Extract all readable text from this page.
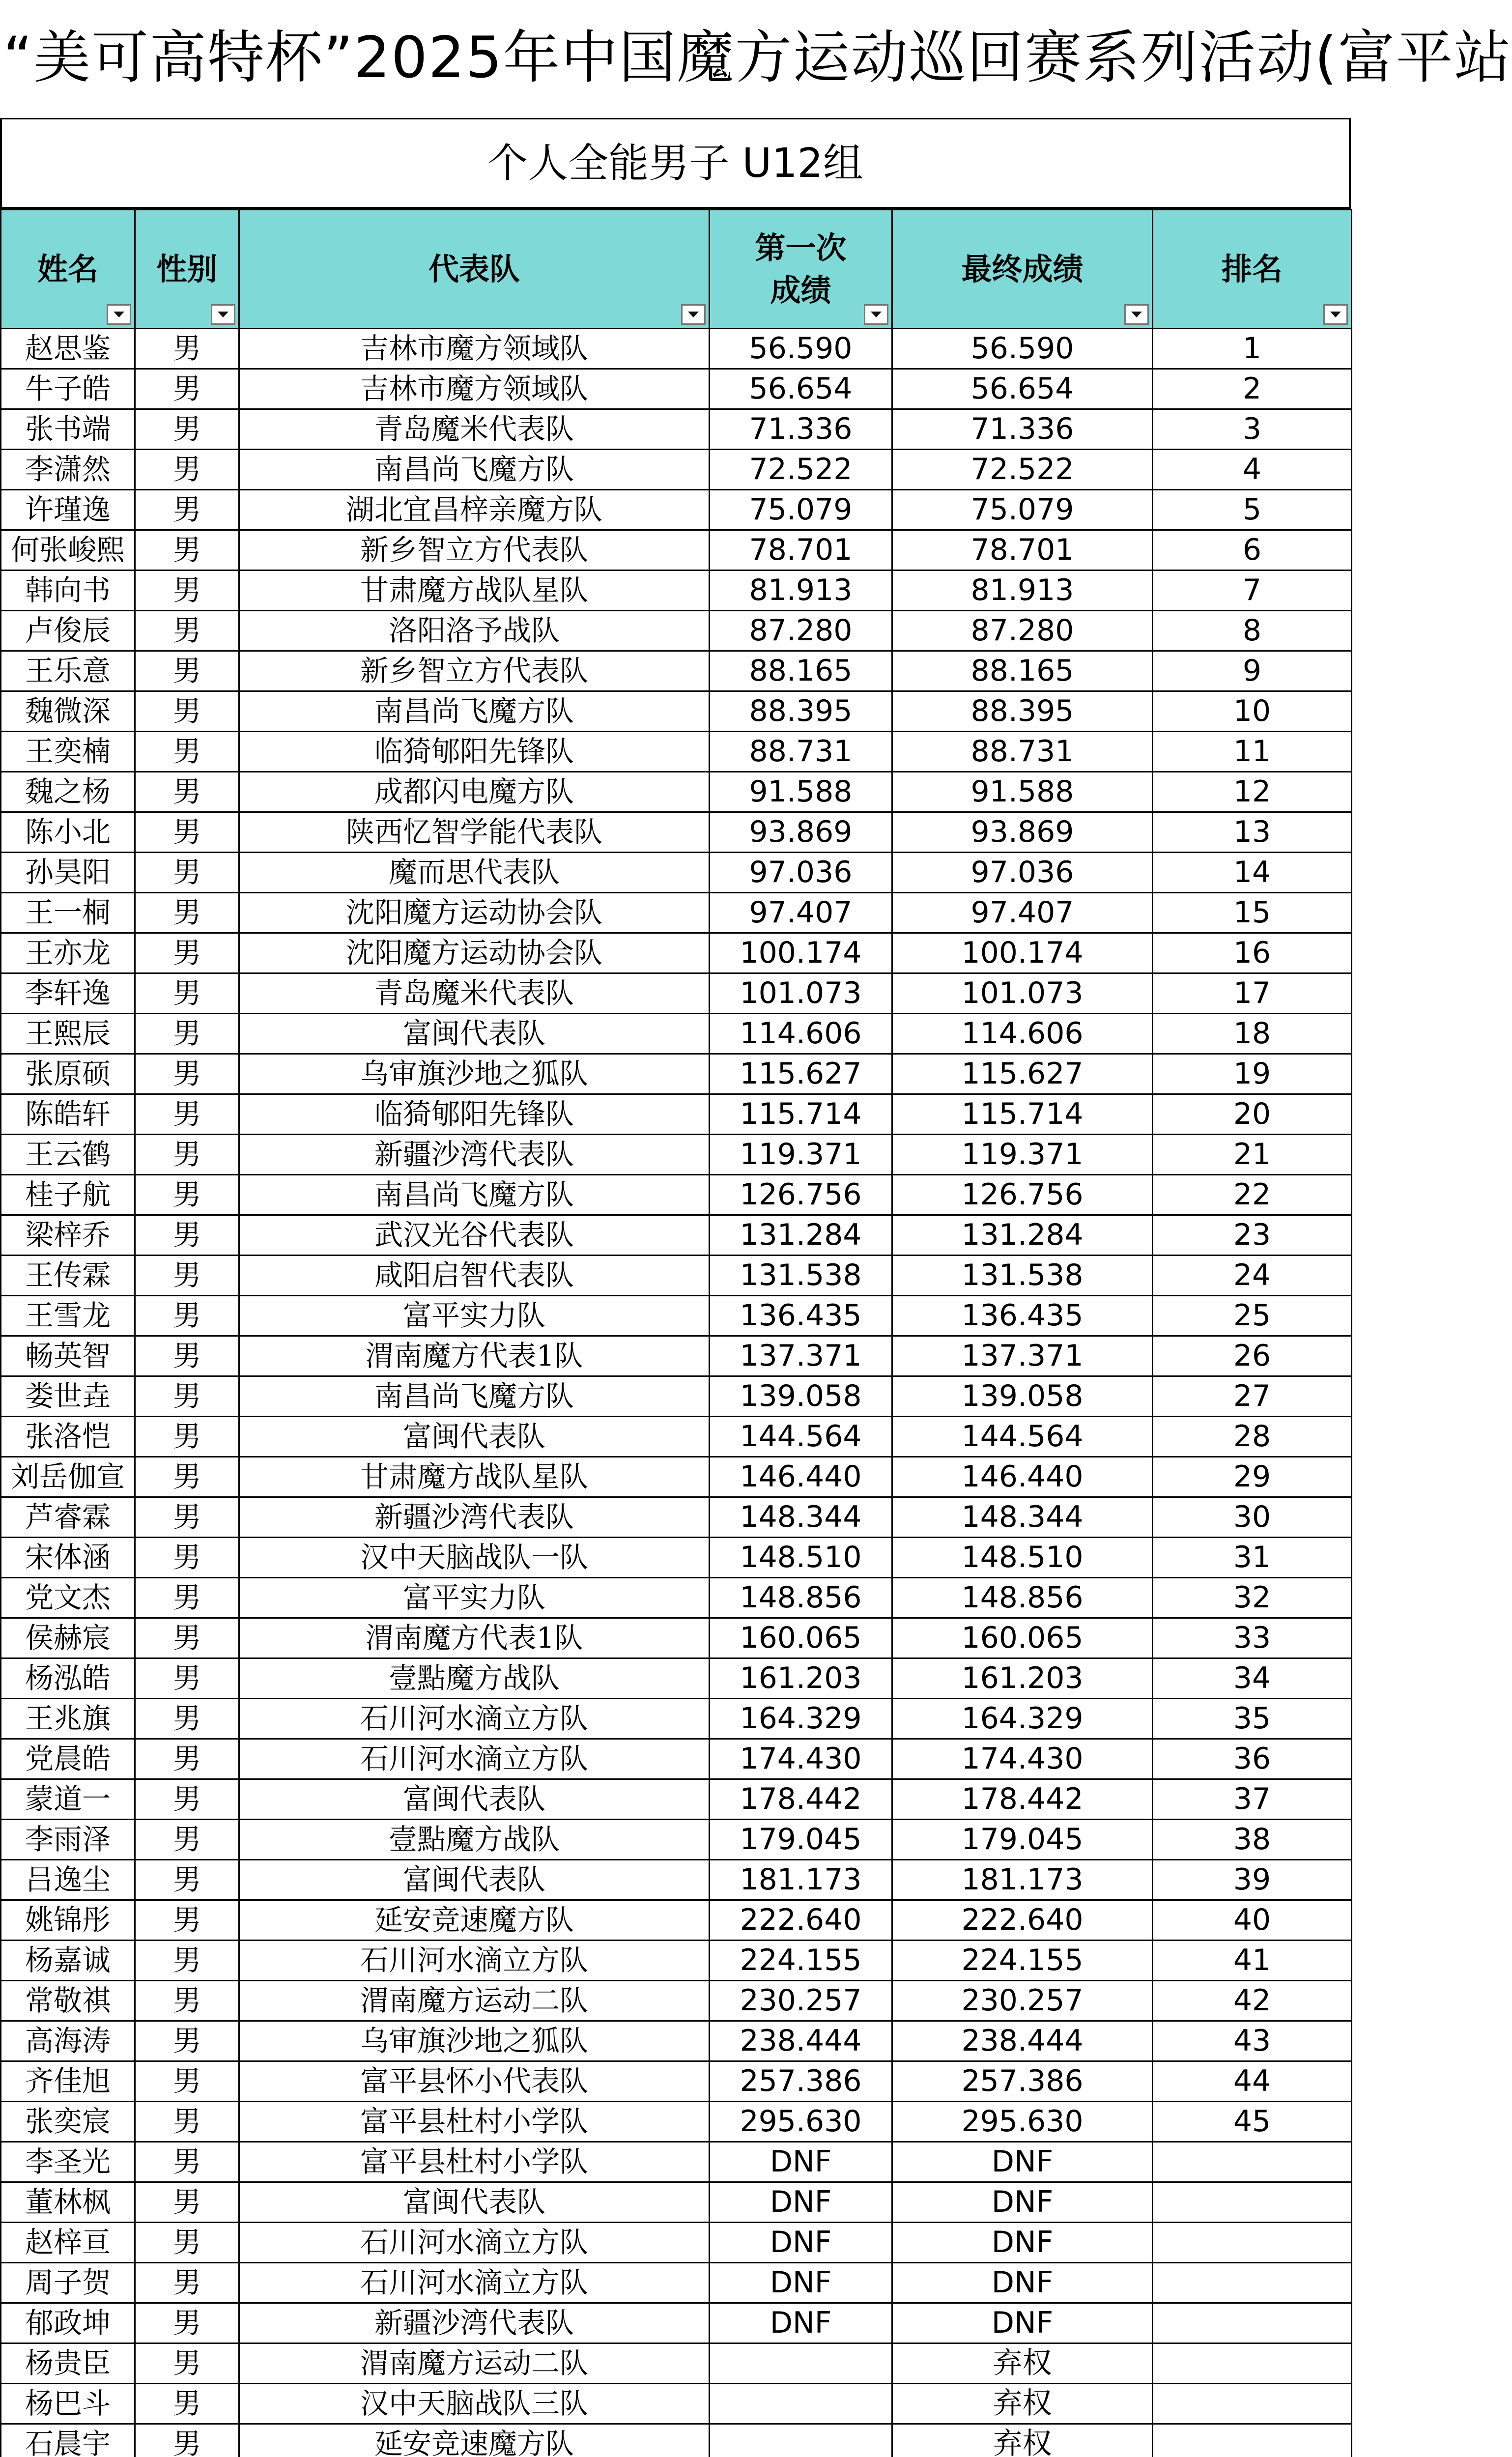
“美可高特杯”2025年中国魔方运动巡回赛系列活动(富平站
个人全能男子 U12组
姓名	性别	代表队	第一次成绩	最终成绩	排名

赵思鉴	男	吉林市魔方领域队	56.590	56.590	1
牛子皓	男	吉林市魔方领域队	56.654	56.654	2
张书端	男	青岛魔米代表队	71.336	71.336	3
李潇然	男	南昌尚飞魔方队	72.522	72.522	4
许瑾逸	男	湖北宜昌梓亲魔方队	75.079	75.079	5
何张峻熙	男	新乡智立方代表队	78.701	78.701	6
韩向书	男	甘肃魔方战队星队	81.913	81.913	7
卢俊辰	男	洛阳洛予战队	87.280	87.280	8
王乐意	男	新乡智立方代表队	88.165	88.165	9
魏微深	男	南昌尚飞魔方队	88.395	88.395	10
王奕楠	男	临猗郇阳先锋队	88.731	88.731	11
魏之杨	男	成都闪电魔方队	91.588	91.588	12
陈小北	男	陕西忆智学能代表队	93.869	93.869	13
孙昊阳	男	魔而思代表队	97.036	97.036	14
王一桐	男	沈阳魔方运动协会队	97.407	97.407	15
王亦龙	男	沈阳魔方运动协会队	100.174	100.174	16
李轩逸	男	青岛魔米代表队	101.073	101.073	17
王熙辰	男	富闽代表队	114.606	114.606	18
张原硕	男	乌审旗沙地之狐队	115.627	115.627	19
陈皓轩	男	临猗郇阳先锋队	115.714	115.714	20
王云鹤	男	新疆沙湾代表队	119.371	119.371	21
桂子航	男	南昌尚飞魔方队	126.756	126.756	22
梁梓乔	男	武汉光谷代表队	131.284	131.284	23
王传霖	男	咸阳启智代表队	131.538	131.538	24
王雪龙	男	富平实力队	136.435	136.435	25
畅英智	男	渭南魔方代表1队	137.371	137.371	26
娄世垚	男	南昌尚飞魔方队	139.058	139.058	27
张洛恺	男	富闽代表队	144.564	144.564	28
刘岳伽宣	男	甘肃魔方战队星队	146.440	146.440	29
芦睿霖	男	新疆沙湾代表队	148.344	148.344	30
宋体涵	男	汉中天脑战队一队	148.510	148.510	31
党文杰	男	富平实力队	148.856	148.856	32
侯赫宸	男	渭南魔方代表1队	160.065	160.065	33
杨泓皓	男	壹點魔方战队	161.203	161.203	34
王兆旗	男	石川河水滴立方队	164.329	164.329	35
党晨皓	男	石川河水滴立方队	174.430	174.430	36
蒙道一	男	富闽代表队	178.442	178.442	37
李雨泽	男	壹點魔方战队	179.045	179.045	38
吕逸尘	男	富闽代表队	181.173	181.173	39
姚锦彤	男	延安竞速魔方队	222.640	222.640	40
杨嘉诚	男	石川河水滴立方队	224.155	224.155	41
常敬祺	男	渭南魔方运动二队	230.257	230.257	42
高海涛	男	乌审旗沙地之狐队	238.444	238.444	43
齐佳旭	男	富平县怀小代表队	257.386	257.386	44
张奕宸	男	富平县杜村小学队	295.630	295.630	45
李圣光	男	富平县杜村小学队	DNF	DNF	
董林枫	男	富闽代表队	DNF	DNF	
赵梓亘	男	石川河水滴立方队	DNF	DNF	
周子贺	男	石川河水滴立方队	DNF	DNF	
郁政坤	男	新疆沙湾代表队	DNF	DNF	
杨贵臣	男	渭南魔方运动二队		弃权	
杨巴斗	男	汉中天脑战队三队		弃权	
石晨宇	男	延安竞速魔方队		弃权	
